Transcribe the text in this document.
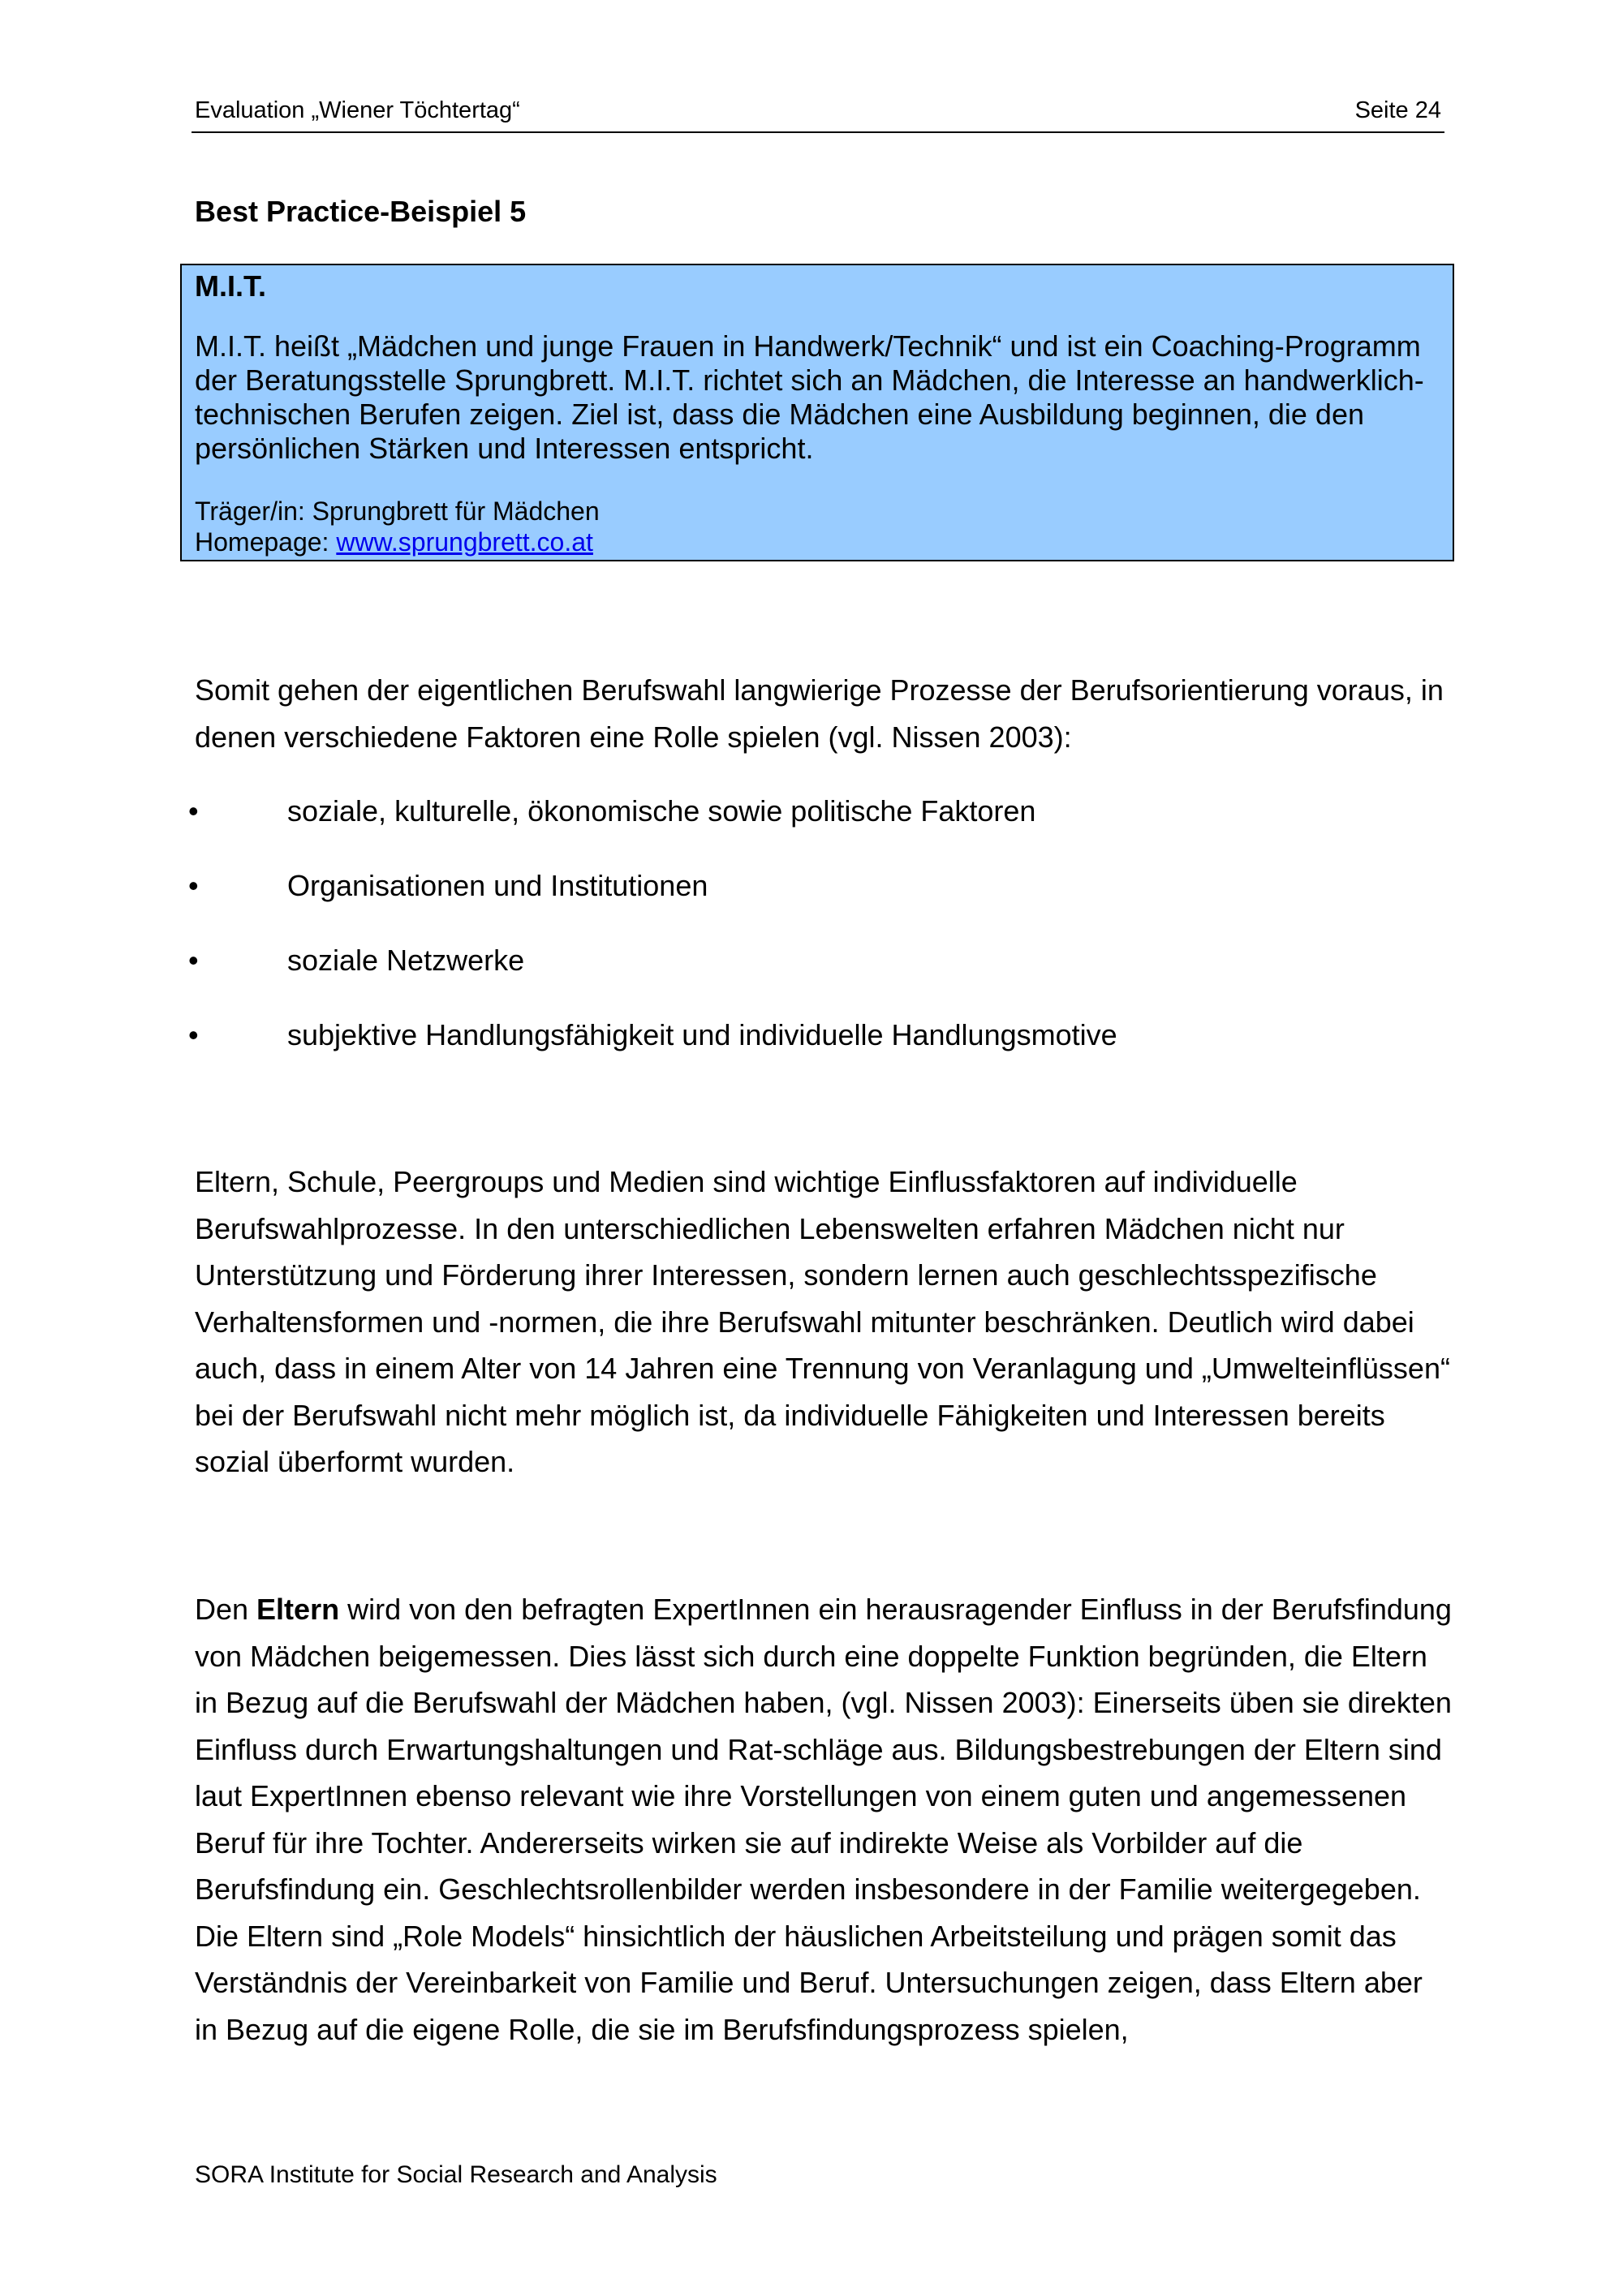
Evaluation „Wiener Töchtertag“	Seite 24
Best Practice-Beispiel 5
M.I.T.
M.I.T. heißt „Mädchen und junge Frauen in Handwerk/Technik“ und ist ein Coaching-Programm der Beratungsstelle Sprungbrett. M.I.T. richtet sich an Mädchen, die Interesse an handwerklich-technischen Berufen zeigen. Ziel ist, dass die Mädchen eine Ausbildung beginnen, die den persönlichen Stärken und Interessen entspricht.
Träger/in: Sprungbrett für Mädchen
Homepage: www.sprungbrett.co.at

Somit gehen der eigentlichen Berufswahl langwierige Prozesse der Berufsorientierung voraus, in denen verschiedene Faktoren eine Rolle spielen (vgl. Nissen 2003):

•	soziale, kulturelle, ökonomische sowie politische Faktoren
•	Organisationen und Institutionen
•	soziale Netzwerke
•	subjektive Handlungsfähigkeit und individuelle Handlungsmotive

Eltern, Schule, Peergroups und Medien sind wichtige Einflussfaktoren auf individuelle Berufswahlprozesse. In den unterschiedlichen Lebenswelten erfahren Mädchen nicht nur Unterstützung und Förderung ihrer Interessen, sondern lernen auch geschlechtsspezifische Verhaltensformen und -normen, die ihre Berufswahl mitunter beschränken. Deutlich wird dabei auch, dass in einem Alter von 14 Jahren eine Trennung von Veranlagung und „Umwelteinflüssen“ bei der Berufswahl nicht mehr möglich ist, da individuelle Fähigkeiten und Interessen bereits sozial überformt wurden.

Den Eltern wird von den befragten ExpertInnen ein herausragender Einfluss in der Berufsfindung von Mädchen beigemessen. Dies lässt sich durch eine doppelte Funktion begründen, die Eltern in Bezug auf die Berufswahl der Mädchen haben, (vgl. Nissen 2003): Einerseits üben sie direkten Einfluss durch Erwartungshaltungen und Rat-schläge aus. Bildungsbestrebungen der Eltern sind laut ExpertInnen ebenso relevant wie ihre Vorstellungen von einem guten und angemessenen Beruf für ihre Tochter. Andererseits wirken sie auf indirekte Weise als Vorbilder auf die Berufsfindung ein. Geschlechtsrollenbilder werden insbesondere in der Familie weitergegeben. Die Eltern sind „Role Models“ hinsichtlich der häuslichen Arbeitsteilung und prägen somit das Verständnis der Vereinbarkeit von Familie und Beruf. Untersuchungen zeigen, dass Eltern aber in Bezug auf die eigene Rolle, die sie im Berufsfindungsprozess spielen,

SORA Institute for Social Research and Analysis
